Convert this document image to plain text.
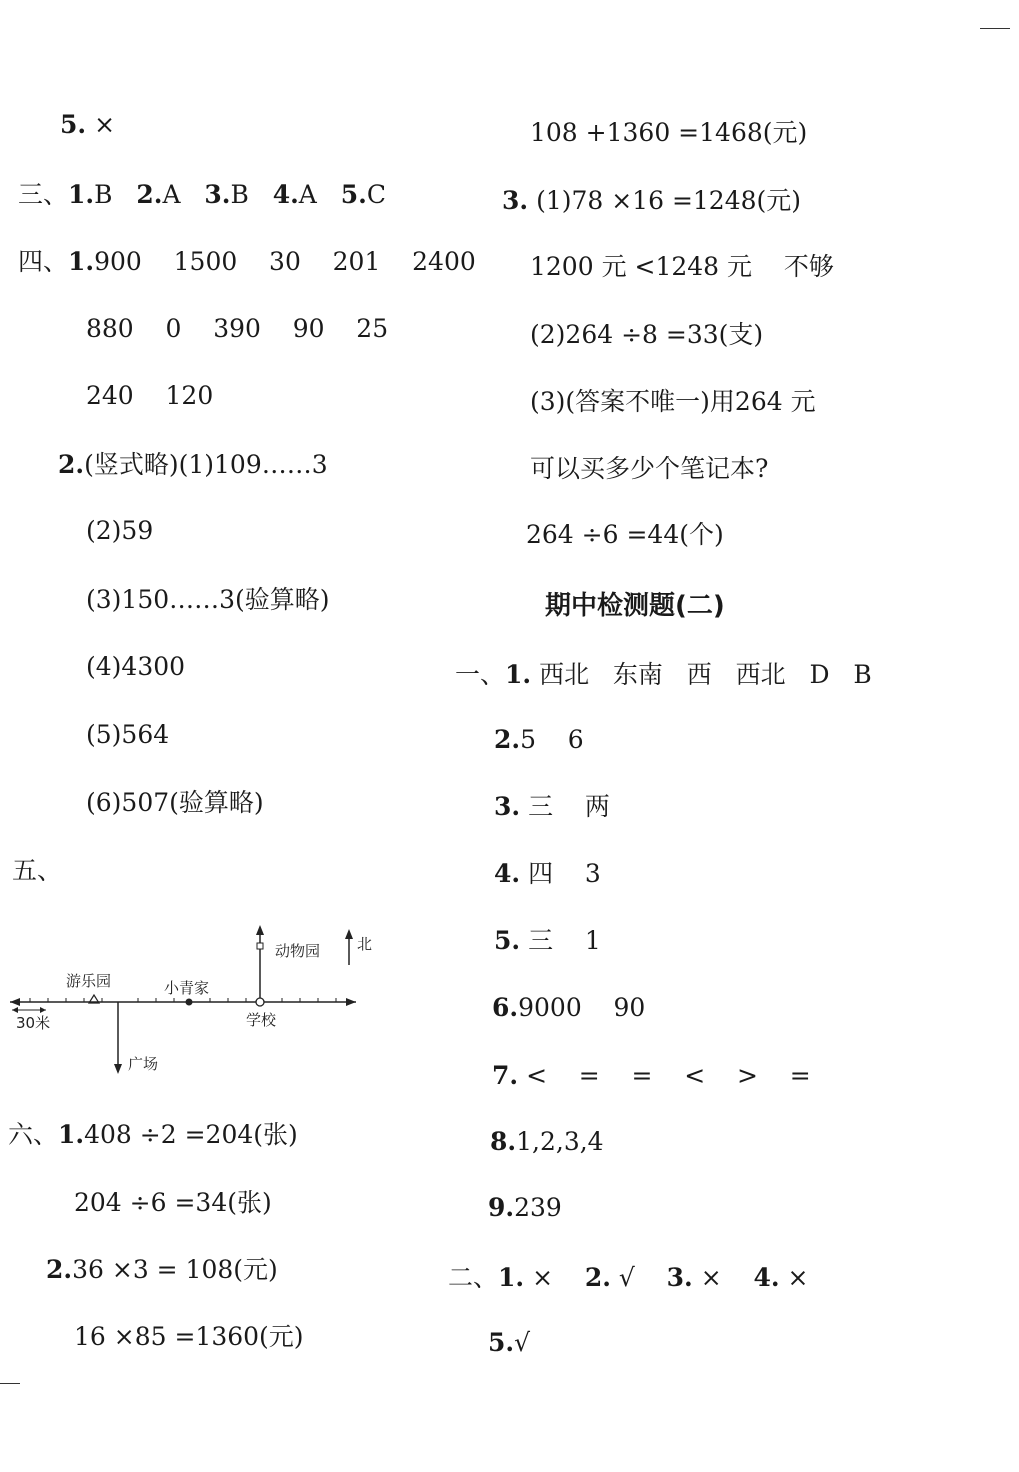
5. ×
三、1.B 2.A 3.B 4.A 5.C
四、1.900    1500    30    201    2400
880    0    390    90    25
240    120
2.(竖式略)(1)109……3
(2)59
(3)150……3(验算略)
(4)4300
(5)564
(6)507(验算略)
五、
30米
游乐园
广场
小青家
学校
动物园 北
六、1.408 ÷2 =204(张)
204 ÷6 =34(张)
2.36 ×3 = 108(元)
16 ×85 =1360(元)
108 +1360 =1468(元)
3. (1)78 ×16 =1248(元)
1200 元 <1248 元    不够
(2)264 ÷8 =33(支)
(3)(答案不唯一)用264 元
可以买多少个笔记本?
264 ÷6 =44(个)
期中检测题(二)
一、1. 西北   东南   西   西北   D   B
2.5    6
3. 三    两
4. 四    3
5. 三    1
6.9000    90
7. <    =    =    <    >    =
8.1,2,3,4
9.239
二、1. × 2. √ 3. × 4. ×
5.√
